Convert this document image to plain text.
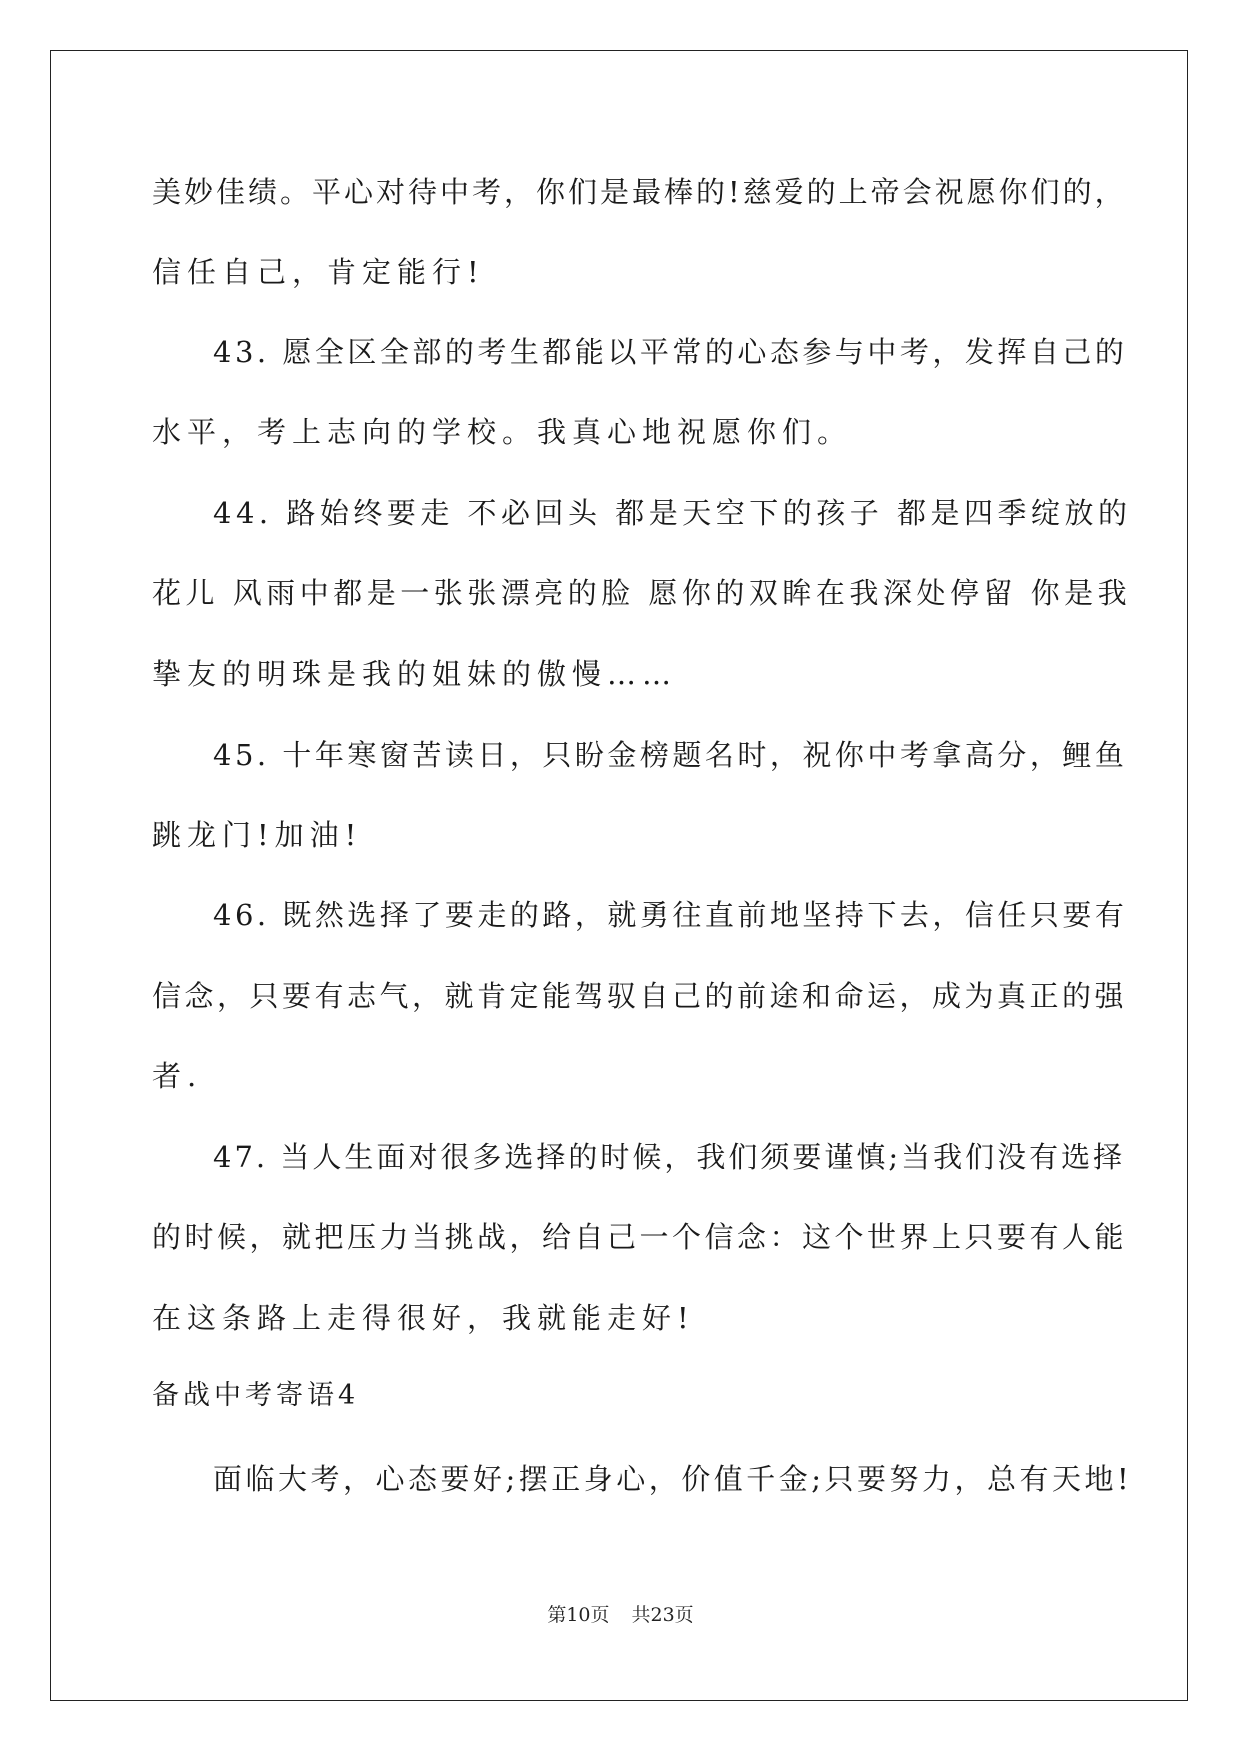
美妙佳绩。平心对待中考，你们是最棒的!慈爱的上帝会祝愿你们的，
信任自己，肯定能行!
43. 愿全区全部的考生都能以平常的心态参与中考，发挥自己的
水平，考上志向的学校。我真心地祝愿你们。
44. 路始终要走 不必回头 都是天空下的孩子 都是四季绽放的
花儿 风雨中都是一张张漂亮的脸 愿你的双眸在我深处停留 你是我
挚友的明珠是我的姐妹的傲慢……
45. 十年寒窗苦读日，只盼金榜题名时，祝你中考拿高分，鲤鱼
跳龙门!加油!
46. 既然选择了要走的路，就勇往直前地坚持下去，信任只要有
信念，只要有志气，就肯定能驾驭自己的前途和命运，成为真正的强
者.
47. 当人生面对很多选择的时候，我们须要谨慎;当我们没有选择
的时候，就把压力当挑战，给自己一个信念：这个世界上只要有人能
在这条路上走得很好，我就能走好!
备战中考寄语4
面临大考，心态要好;摆正身心，价值千金;只要努力，总有天地!
第10页 共23页
